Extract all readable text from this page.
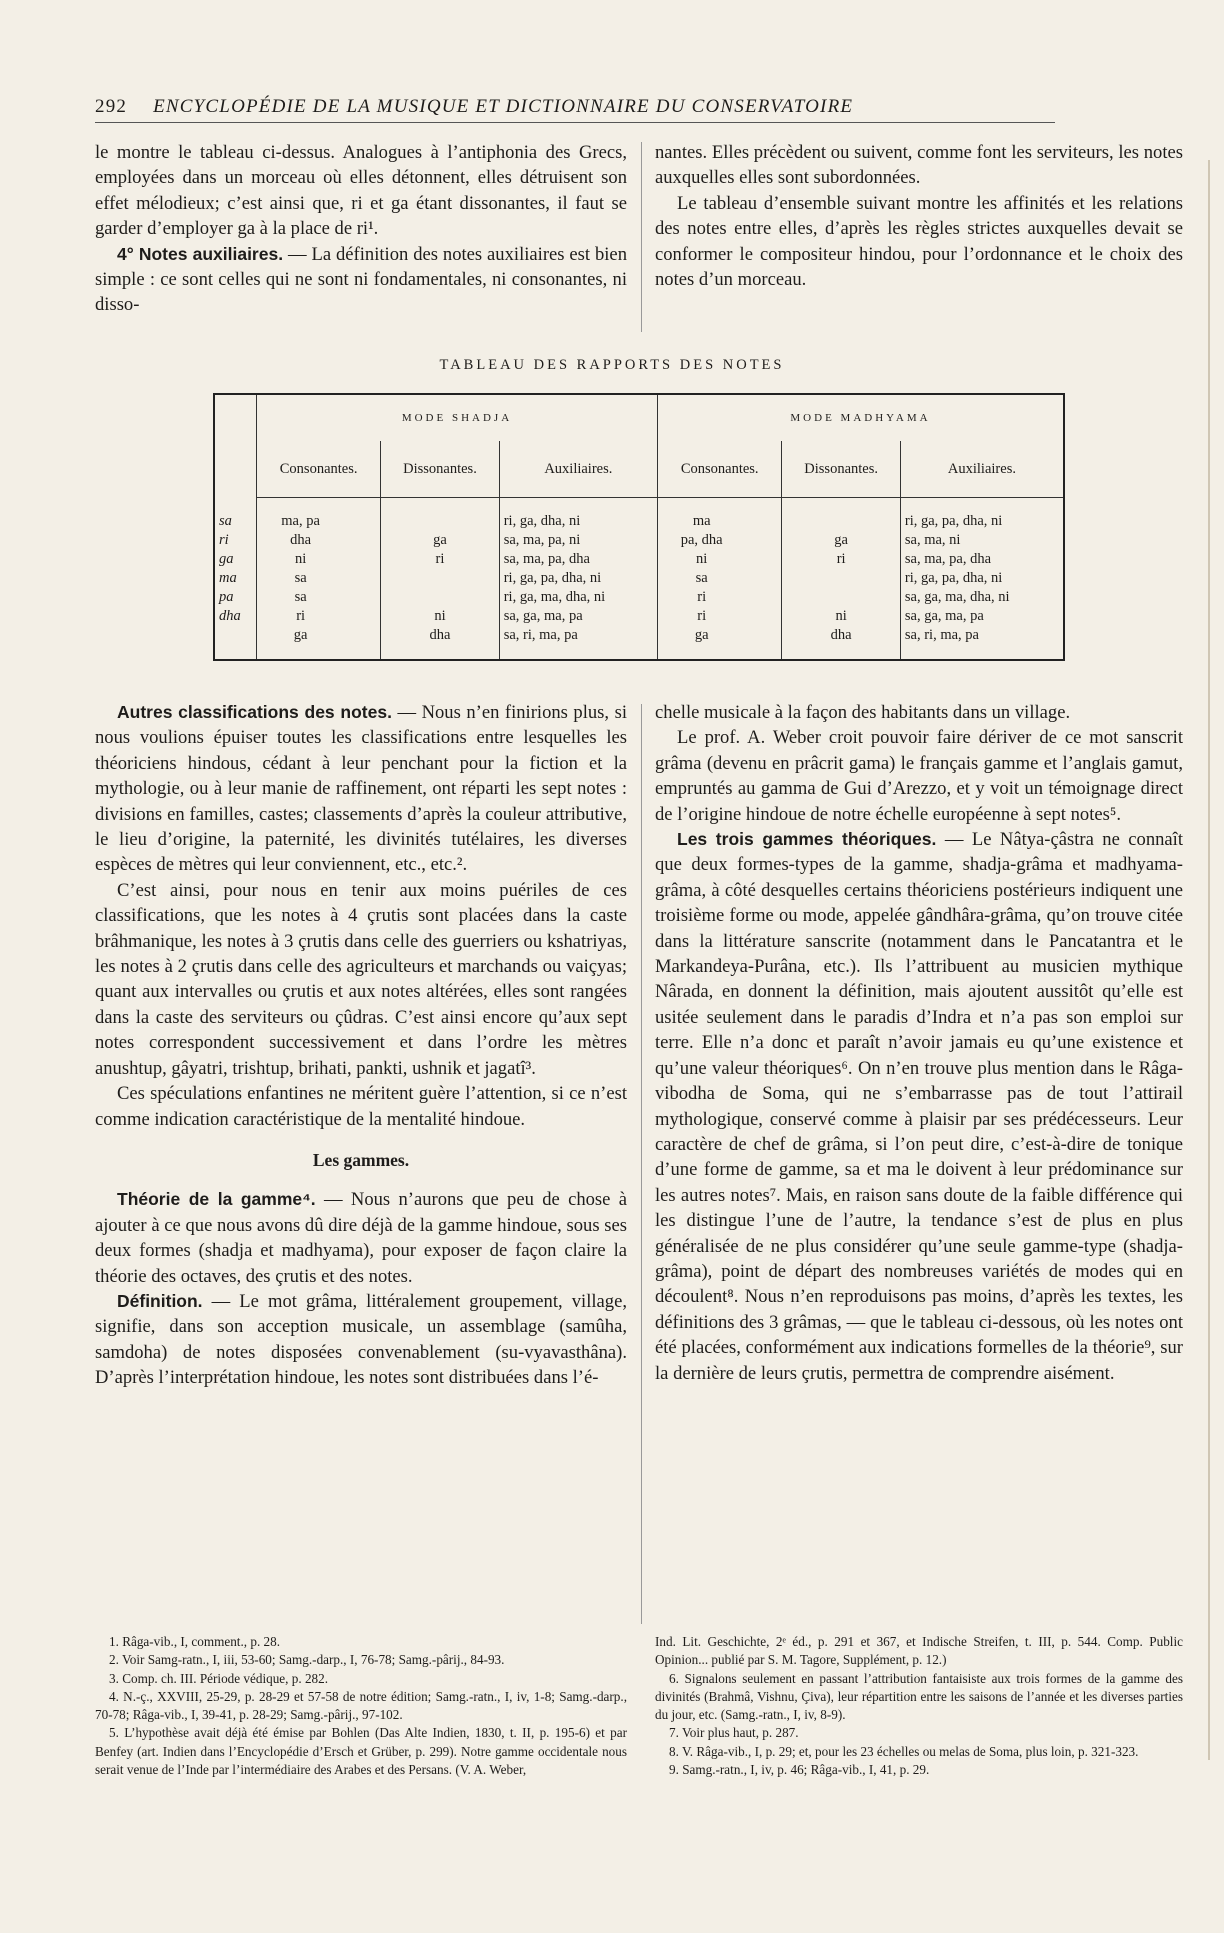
292 ENCYCLOPÉDIE DE LA MUSIQUE ET DICTIONNAIRE DU CONSERVATOIRE

le montre le tableau ci-dessus. Analogues à l’antiphonia des Grecs, employées dans un morceau où elles détonnent, elles détruisent son effet mélodieux; c’est ainsi que, ri et ga étant dissonantes, il faut se garder d’employer ga à la place de ri¹.

4° Notes auxiliaires. — La définition des notes auxiliaires est bien simple : ce sont celles qui ne sont ni fondamentales, ni consonantes, ni disso-

nantes. Elles précèdent ou suivent, comme font les serviteurs, les notes auxquelles elles sont subordonnées.

Le tableau d’ensemble suivant montre les affinités et les relations des notes entre elles, d’après les règles strictes auxquelles devait se conformer le compositeur hindou, pour l’ordonnance et le choix des notes d’un morceau.

TABLEAU DES RAPPORTS DES NOTES
	MODE SHADJA			MODE MADHYAMA		
	Consonantes.	Dissonantes.	Auxiliaires.	Consonantes.	Dissonantes.	Auxiliaires.
sa	ma, pa		ri, ga, dha, ni	ma		ri, ga, pa, dha, ni
ri	dha	ga	sa, ma, pa, ni	pa, dha	ga	sa, ma, ni
ga	ni	ri	sa, ma, pa, dha	ni	ri	sa, ma, pa, dha
ma	sa		ri, ga, pa, dha, ni	sa		ri, ga, pa, dha, ni
pa	sa		ri, ga, ma, dha, ni	ri		sa, ga, ma, dha, ni
dha	ri	ni	sa, ga, ma, pa	ri	ni	sa, ga, ma, pa
	ga	dha	sa, ri, ma, pa	ga	dha	sa, ri, ma, pa

Autres classifications des notes. — Nous n’en finirions plus, si nous voulions épuiser toutes les classifications entre lesquelles les théoriciens hindous, cédant à leur penchant pour la fiction et la mythologie, ou à leur manie de raffinement, ont réparti les sept notes : divisions en familles, castes; classements d’après la couleur attributive, le lieu d’origine, la paternité, les divinités tutélaires, les diverses espèces de mètres qui leur conviennent, etc., etc.².

C’est ainsi, pour nous en tenir aux moins puériles de ces classifications, que les notes à 4 çrutis sont placées dans la caste brâhmanique, les notes à 3 çrutis dans celle des guerriers ou kshatriyas, les notes à 2 çrutis dans celle des agriculteurs et marchands ou vaiçyas; quant aux intervalles ou çrutis et aux notes altérées, elles sont rangées dans la caste des serviteurs ou çûdras. C’est ainsi encore qu’aux sept notes correspondent successivement et dans l’ordre les mètres anushtup, gâyatri, trishtup, brihati, pankti, ushnik et jagatî³.

Ces spéculations enfantines ne méritent guère l’attention, si ce n’est comme indication caractéristique de la mentalité hindoue.

Les gammes.

Théorie de la gamme⁴. — Nous n’aurons que peu de chose à ajouter à ce que nous avons dû dire déjà de la gamme hindoue, sous ses deux formes (shadja et madhyama), pour exposer de façon claire la théorie des octaves, des çrutis et des notes.

Définition. — Le mot grâma, littéralement groupement, village, signifie, dans son acception musicale, un assemblage (samûha, samdoha) de notes disposées convenablement (su-vyavasthâna). D’après l’interprétation hindoue, les notes sont distribuées dans l’é-

chelle musicale à la façon des habitants dans un village.

Le prof. A. Weber croit pouvoir faire dériver de ce mot sanscrit grâma (devenu en prâcrit gama) le français gamme et l’anglais gamut, empruntés au gamma de Gui d’Arezzo, et y voit un témoignage direct de l’origine hindoue de notre échelle européenne à sept notes⁵.

Les trois gammes théoriques. — Le Nâtya-çâstra ne connaît que deux formes-types de la gamme, shadja-grâma et madhyama-grâma, à côté desquelles certains théoriciens postérieurs indiquent une troisième forme ou mode, appelée gândhâra-grâma, qu’on trouve citée dans la littérature sanscrite (notamment dans le Pancatantra et le Markandeya-Purâna, etc.). Ils l’attribuent au musicien mythique Nârada, en donnent la définition, mais ajoutent aussitôt qu’elle est usitée seulement dans le paradis d’Indra et n’a pas son emploi sur terre. Elle n’a donc et paraît n’avoir jamais eu qu’une existence et qu’une valeur théoriques⁶. On n’en trouve plus mention dans le Râga-vibodha de Soma, qui ne s’embarrasse pas de tout l’attirail mythologique, conservé comme à plaisir par ses prédécesseurs. Leur caractère de chef de grâma, si l’on peut dire, c’est-à-dire de tonique d’une forme de gamme, sa et ma le doivent à leur prédominance sur les autres notes⁷. Mais, en raison sans doute de la faible différence qui les distingue l’une de l’autre, la tendance s’est de plus en plus généralisée de ne plus considérer qu’une seule gamme-type (shadja-grâma), point de départ des nombreuses variétés de modes qui en découlent⁸. Nous n’en reproduisons pas moins, d’après les textes, les définitions des 3 grâmas, — que le tableau ci-dessous, où les notes ont été placées, conformément aux indications formelles de la théorie⁹, sur la dernière de leurs çrutis, permettra de comprendre aisément.

1. Râga-vib., I, comment., p. 28.

2. Voir Samg-ratn., I, iii, 53-60; Samg.-darp., I, 76-78; Samg.-pârij., 84-93.

3. Comp. ch. III. Période védique, p. 282.

4. N.-ç., XXVIII, 25-29, p. 28-29 et 57-58 de notre édition; Samg.-ratn., I, iv, 1-8; Samg.-darp., 70-78; Râga-vib., I, 39-41, p. 28-29; Samg.-pârij., 97-102.

5. L’hypothèse avait déjà été émise par Bohlen (Das Alte Indien, 1830, t. II, p. 195-6) et par Benfey (art. Indien dans l’Encyclopédie d’Ersch et Grüber, p. 299). Notre gamme occidentale nous serait venue de l’Inde par l’intermédiaire des Arabes et des Persans. (V. A. Weber,

Ind. Lit. Geschichte, 2ᵉ éd., p. 291 et 367, et Indische Streifen, t. III, p. 544. Comp. Public Opinion... publié par S. M. Tagore, Supplément, p. 12.)

6. Signalons seulement en passant l’attribution fantaisiste aux trois formes de la gamme des divinités (Brahmâ, Vishnu, Çiva), leur répartition entre les saisons de l’année et les diverses parties du jour, etc. (Samg.-ratn., I, iv, 8-9).

7. Voir plus haut, p. 287.

8. V. Râga-vib., I, p. 29; et, pour les 23 échelles ou melas de Soma, plus loin, p. 321-323.

9. Samg.-ratn., I, iv, p. 46; Râga-vib., I, 41, p. 29.
